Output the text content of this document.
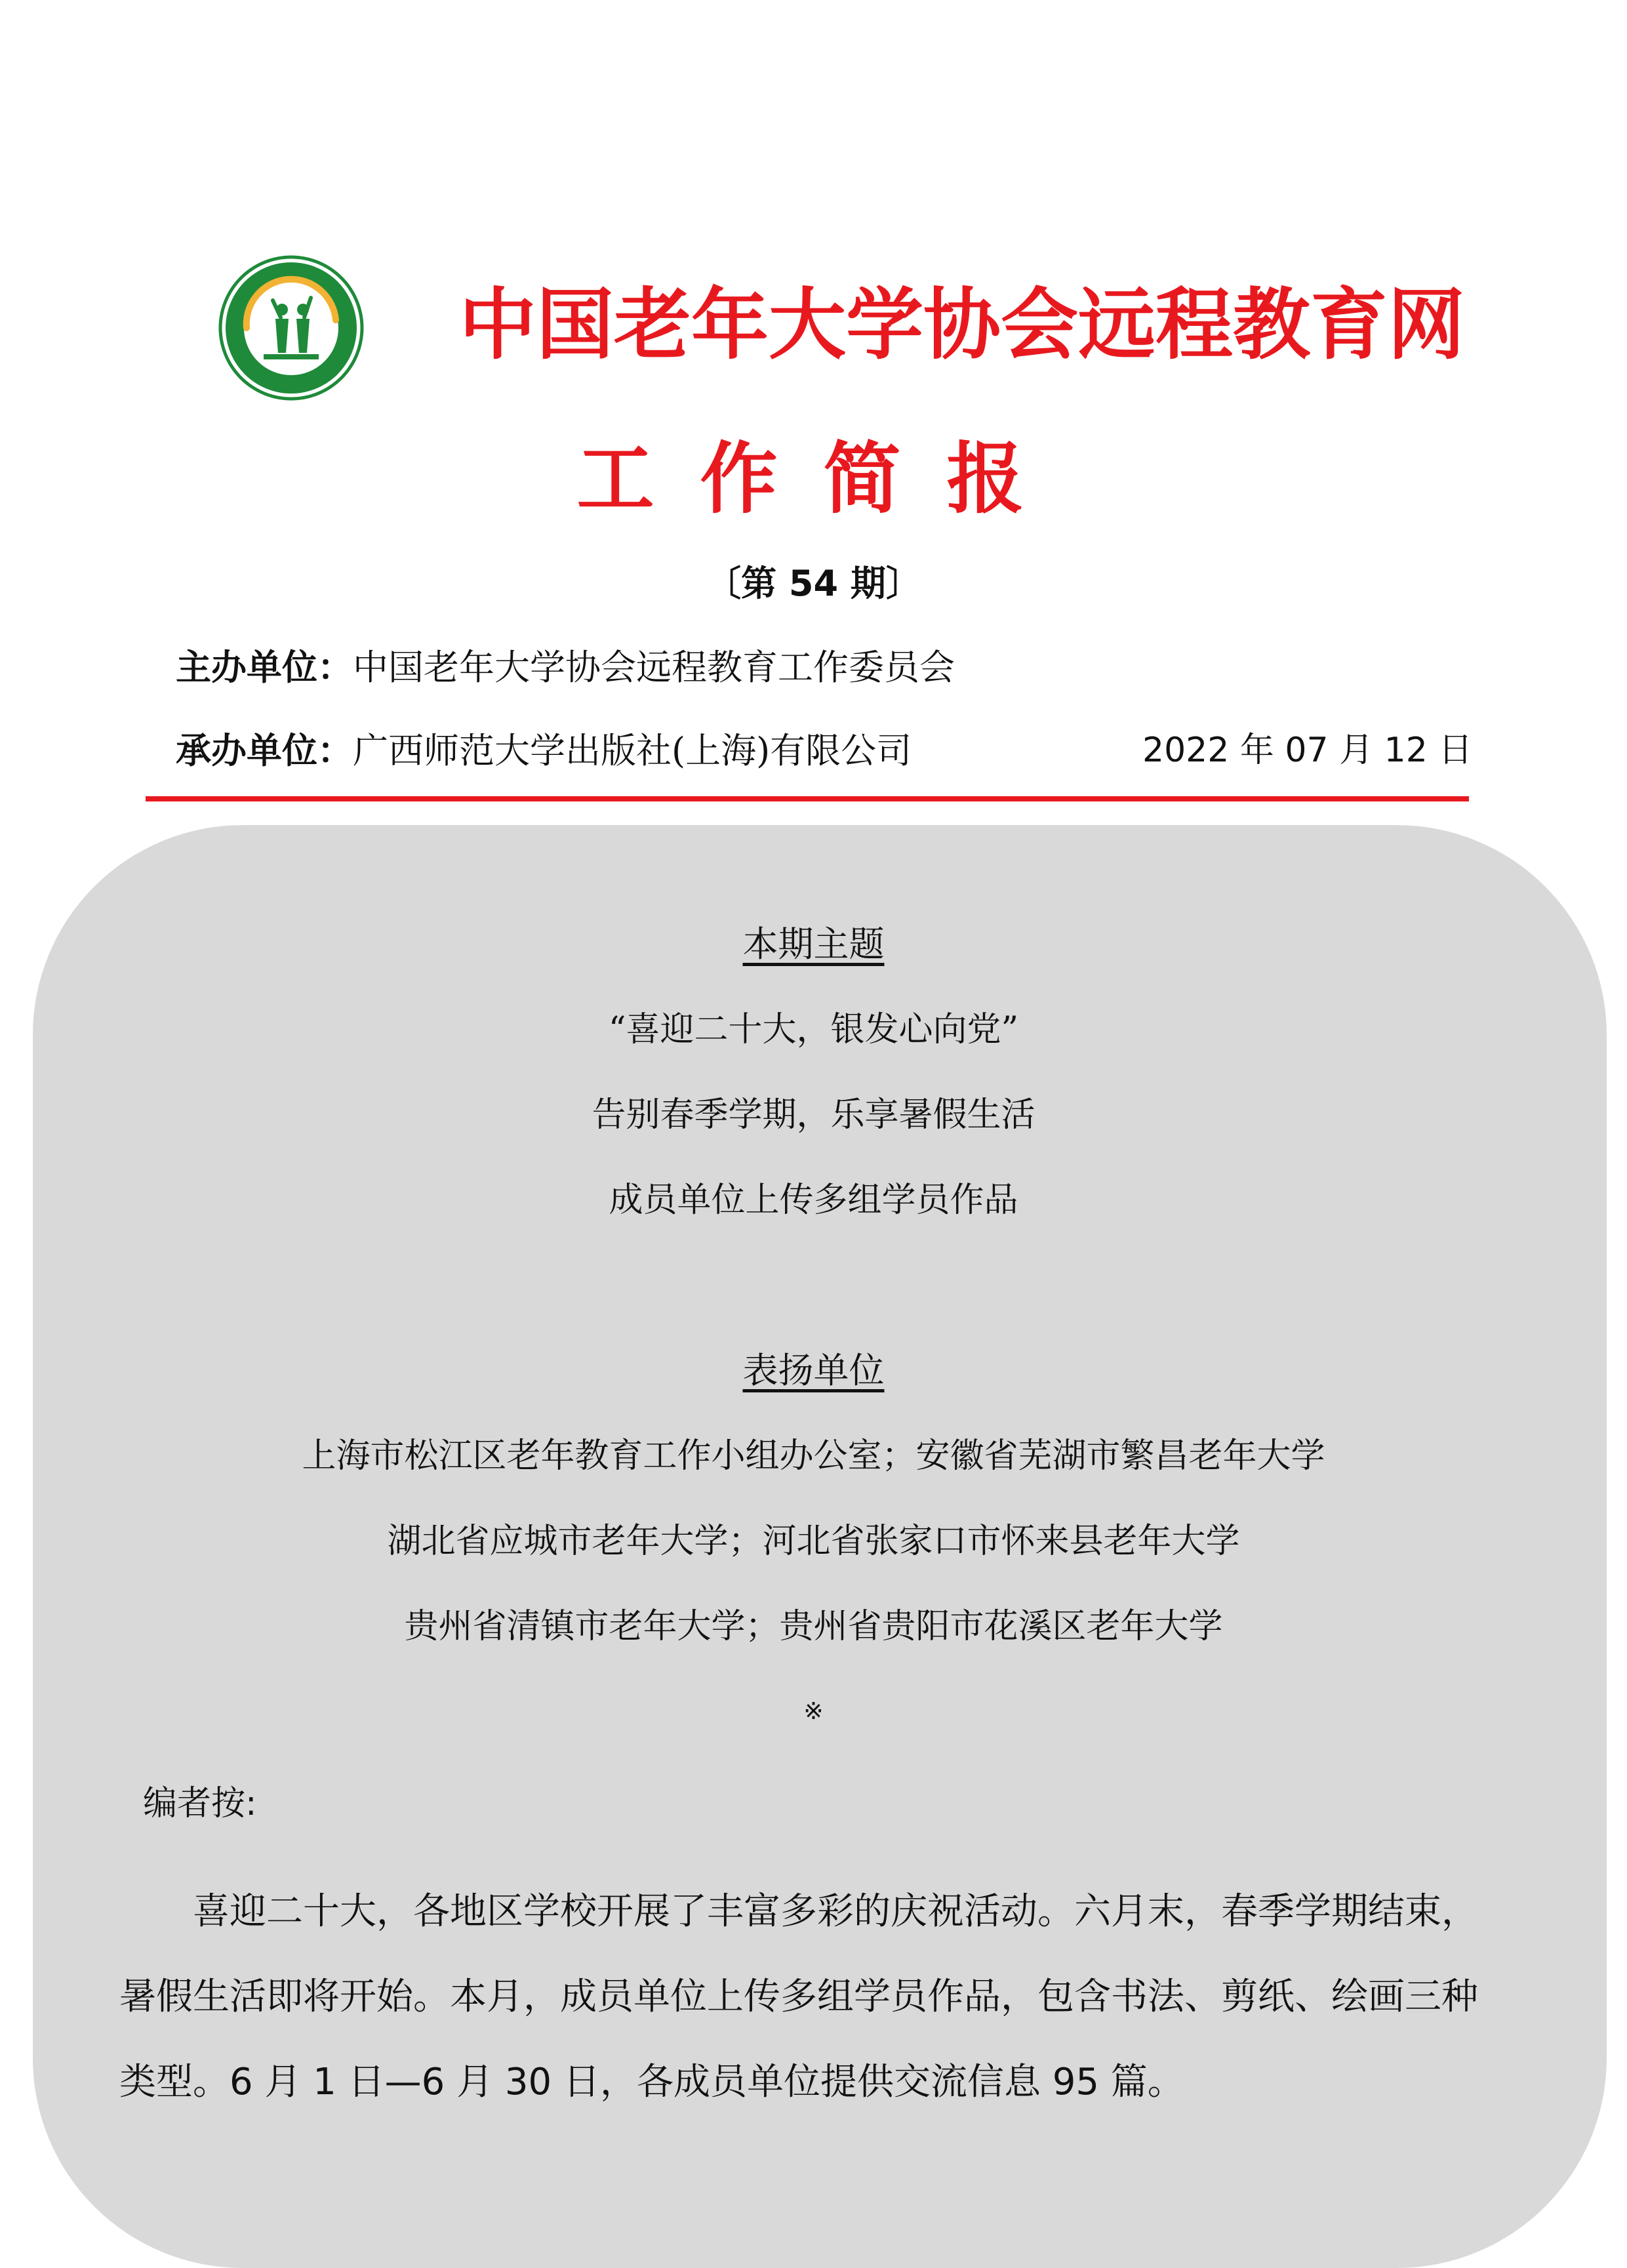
中国老年大学协会远程教育网
工作简报
〔第 54 期〕
主办单位：中国老年大学协会远程教育工作委员会
承办单位：广西师范大学出版社(上海)有限公司	2022 年 07 月 12 日
本期主题
“喜迎二十大，银发心向党”
告别春季学期，乐享暑假生活
成员单位上传多组学员作品
表扬单位
上海市松江区老年教育工作小组办公室；安徽省芜湖市繁昌老年大学
湖北省应城市老年大学；河北省张家口市怀来县老年大学
贵州省清镇市老年大学；贵州省贵阳市花溪区老年大学
※
编者按:
喜迎二十大，各地区学校开展了丰富多彩的庆祝活动。六月末，春季学期结束，暑假生活即将开始。本月，成员单位上传多组学员作品，包含书法、剪纸、绘画三种类型。6 月 1 日—6 月 30 日，各成员单位提供交流信息 95 篇。
